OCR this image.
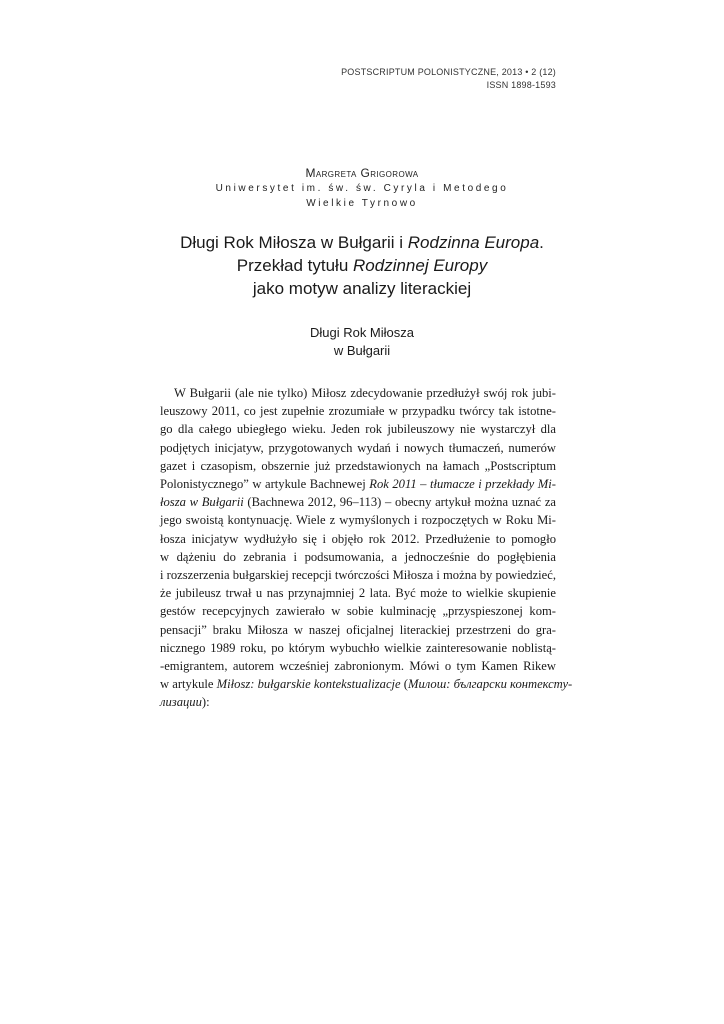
POSTSCRIPTUM POLONISTYCZNE, 2013 • 2 (12)
ISSN 1898-1593
Margreta Grigorowa
Uniwersytet im. św. św. Cyryla i Metodego
Wielkie Tyrnowo
Długi Rok Miłosza w Bułgarii i Rodzinna Europa.
Przekład tytułu Rodzinnej Europy
jako motyw analizy literackiej
Długi Rok Miłosza
w Bułgarii
W Bułgarii (ale nie tylko) Miłosz zdecydowanie przedłużył swój rok jubi-
leuszowy 2011, co jest zupełnie zrozumiałe w przypadku twórcy tak istotne-
go dla całego ubiegłego wieku. Jeden rok jubileuszowy nie wystarczył dla
podjętych inicjatyw, przygotowanych wydań i nowych tłumaczeń, numerów
gazet i czasopism, obszernie już przedstawionych na łamach „Postscriptum
Polonistycznego” w artykule Bachnewej Rok 2011 – tłumacze i przekłady Mi-
łosza w Bułgarii (Bachnewa 2012, 96–113) – obecny artykuł można uznać za
jego swoistą kontynuację. Wiele z wymyślonych i rozpoczętych w Roku Mi-
łosza inicjatyw wydłużyło się i objęło rok 2012. Przedłużenie to pomogło
w dążeniu do zebrania i podsumowania, a jednocześnie do pogłębienia
i rozszerzenia bułgarskiej recepcji twórczości Miłosza i można by powiedzieć,
że jubileusz trwał u nas przynajmniej 2 lata. Być może to wielkie skupienie
gestów recepcyjnych zawierało w sobie kulminację „przyspieszonej kom-
pensacji” braku Miłosza w naszej oficjalnej literackiej przestrzeni do gra-
nicznego 1989 roku, po którym wybuchło wielkie zainteresowanie noblistą-
-emigrantem, autorem wcześniej zabronionym. Mówi o tym Kamen Rikew
w artykule Miłosz: bułgarskie kontekstualizacje (Милош: български контексту-
лизации):
